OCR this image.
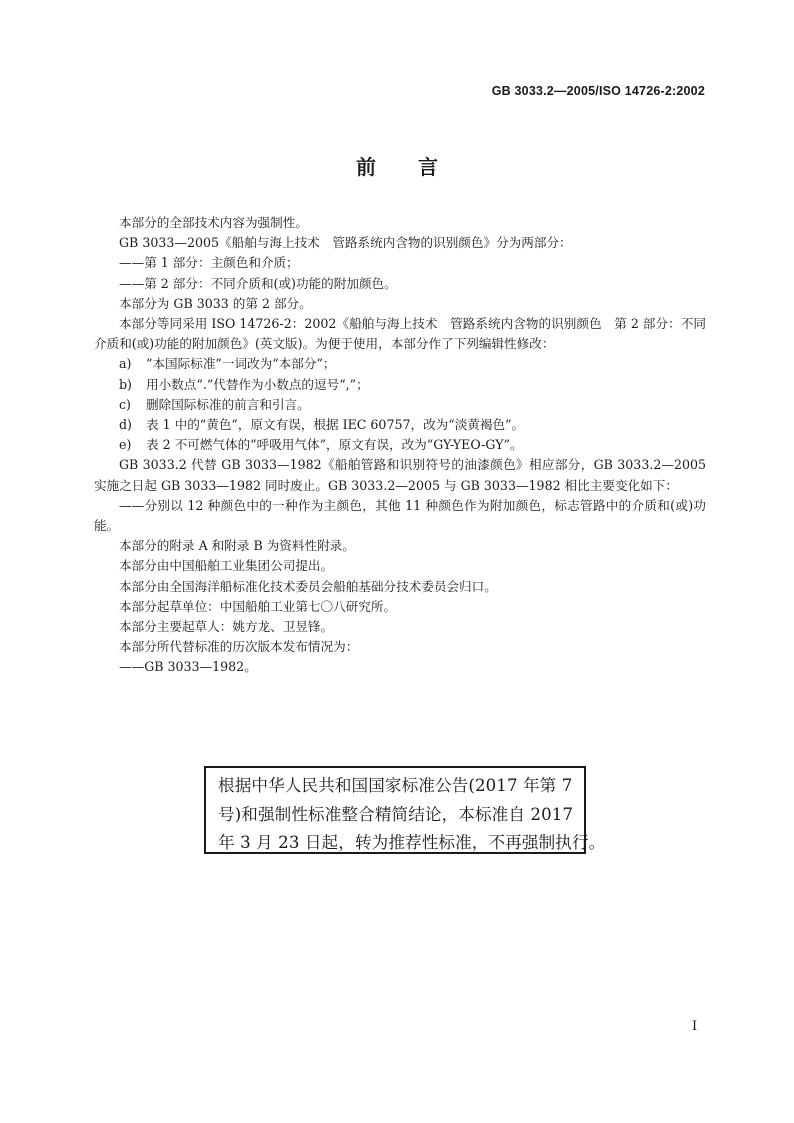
GB 3033.2—2005/ISO 14726-2:2002
前 言

本部分的全部技术内容为强制性。

GB 3033—2005《船舶与海上技术　管路系统内含物的识别颜色》分为两部分：

——第 1 部分：主颜色和介质；

——第 2 部分：不同介质和(或)功能的附加颜色。

本部分为 GB 3033 的第 2 部分。

本部分等同采用 ISO 14726-2：2002《船舶与海上技术　管路系统内含物的识别颜色　第 2 部分：不同介质和(或)功能的附加颜色》(英文版)。为便于使用，本部分作了下列编辑性修改：

a) “本国际标准”一词改为“本部分”；
b) 用小数点“.”代替作为小数点的逗号“,”；
c) 删除国际标准的前言和引言。
d) 表 1 中的“黄色”，原文有误，根据 IEC 60757，改为“淡黄褐色”。
e) 表 2 不可燃气体的“呼吸用气体”，原文有误，改为“GY-YEO-GY”。

GB 3033.2 代替 GB 3033—1982《船舶管路和识别符号的油漆颜色》相应部分，GB 3033.2—2005 实施之日起 GB 3033—1982 同时废止。GB 3033.2—2005 与 GB 3033—1982 相比主要变化如下：

——分别以 12 种颜色中的一种作为主颜色，其他 11 种颜色作为附加颜色，标志管路中的介质和(或)功能。

本部分的附录 A 和附录 B 为资料性附录。

本部分由中国船舶工业集团公司提出。

本部分由全国海洋船标准化技术委员会船舶基础分技术委员会归口。

本部分起草单位：中国船舶工业第七〇八研究所。

本部分主要起草人：姚方龙、卫昱锋。

本部分所代替标准的历次版本发布情况为：

——GB 3033—1982。

根据中华人民共和国国家标准公告(2017 年第 7
号)和强制性标准整合精简结论，本标准自 2017
年 3 月 23 日起，转为推荐性标准，不再强制执行。
I
